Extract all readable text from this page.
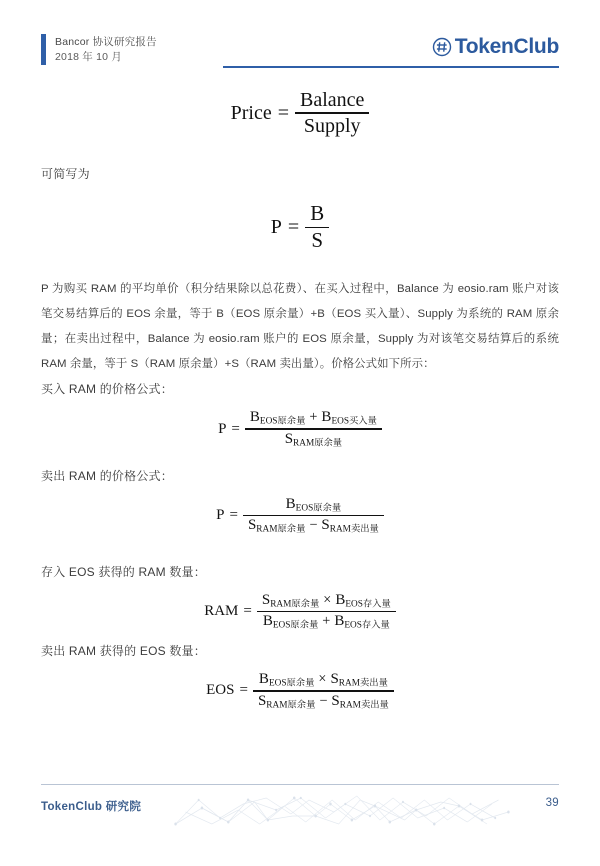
Bancor 协议研究报告
2018 年 10 月	TokenClub
Price = $\frac{\text{Balance}}{\text{Supply}}$
可简写为
$P = \frac{B}{S}$

P 为购买 RAM 的平均单价（积分结果除以总花费）、在买入过程中，Balance 为 eosio.ram 账户对该笔交易结算后的 EOS 余量，等于 B（EOS 原余量）+B（EOS 买入量）、Supply 为系统的 RAM 原余量；在卖出过程中，Balance 为 eosio.ram 账户的 EOS 原余量，Supply 为对该笔交易结算后的系统 RAM 余量，等于 S（RAM 原余量）+S（RAM 卖出量）。价格公式如下所示：

买入 RAM 的价格公式：
$P = \frac{B_{EOS原余量} + B_{EOS买入量}}{S_{RAM原余量}}$
卖出 RAM 的价格公式：
$P = \frac{B_{EOS原余量}}{S_{RAM原余量} - S_{RAM卖出量}}$
存入 EOS 获得的 RAM 数量：
RAM = $\frac{S_{RAM原余量} \times B_{EOS存入量}}{B_{EOS原余量} + B_{EOS存入量}}$
卖出 RAM 获得的 EOS 数量：
EOS = $\frac{B_{EOS原余量} \times S_{RAM卖出量}}{S_{RAM原余量} - S_{RAM卖出量}}$
TokenClub 研究院	39
